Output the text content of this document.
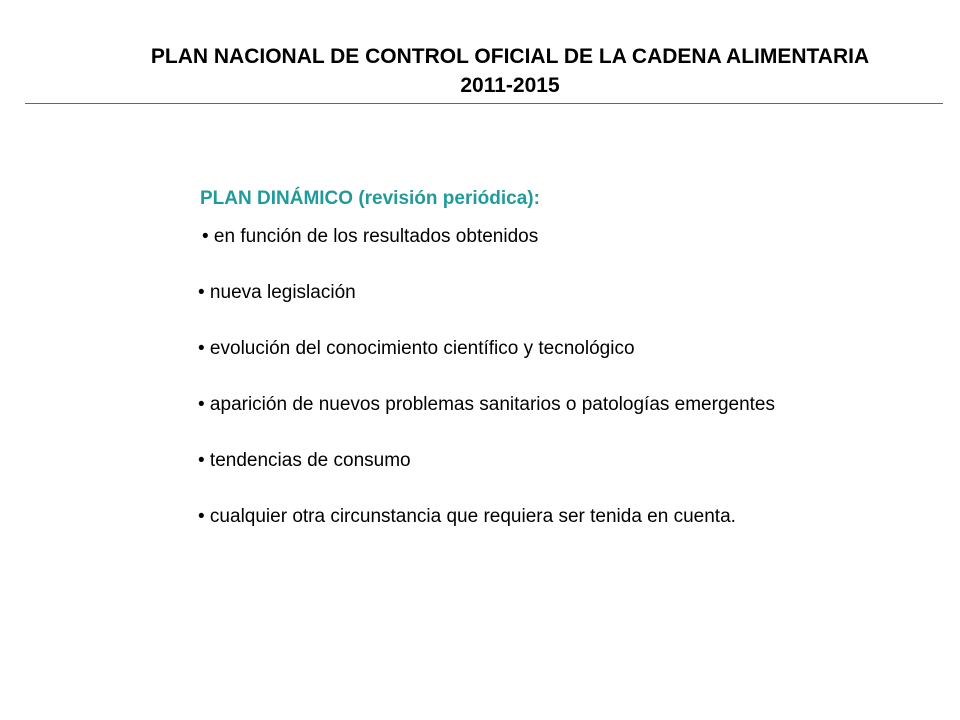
PLAN NACIONAL DE CONTROL OFICIAL DE LA CADENA ALIMENTARIA
2011-2015

PLAN DINÁMICO (revisión periódica):

• en función de los resultados obtenidos

• nueva legislación

• evolución del conocimiento científico y tecnológico

• aparición de nuevos problemas sanitarios o patologías emergentes

• tendencias de consumo

• cualquier otra circunstancia que requiera ser tenida en cuenta.
